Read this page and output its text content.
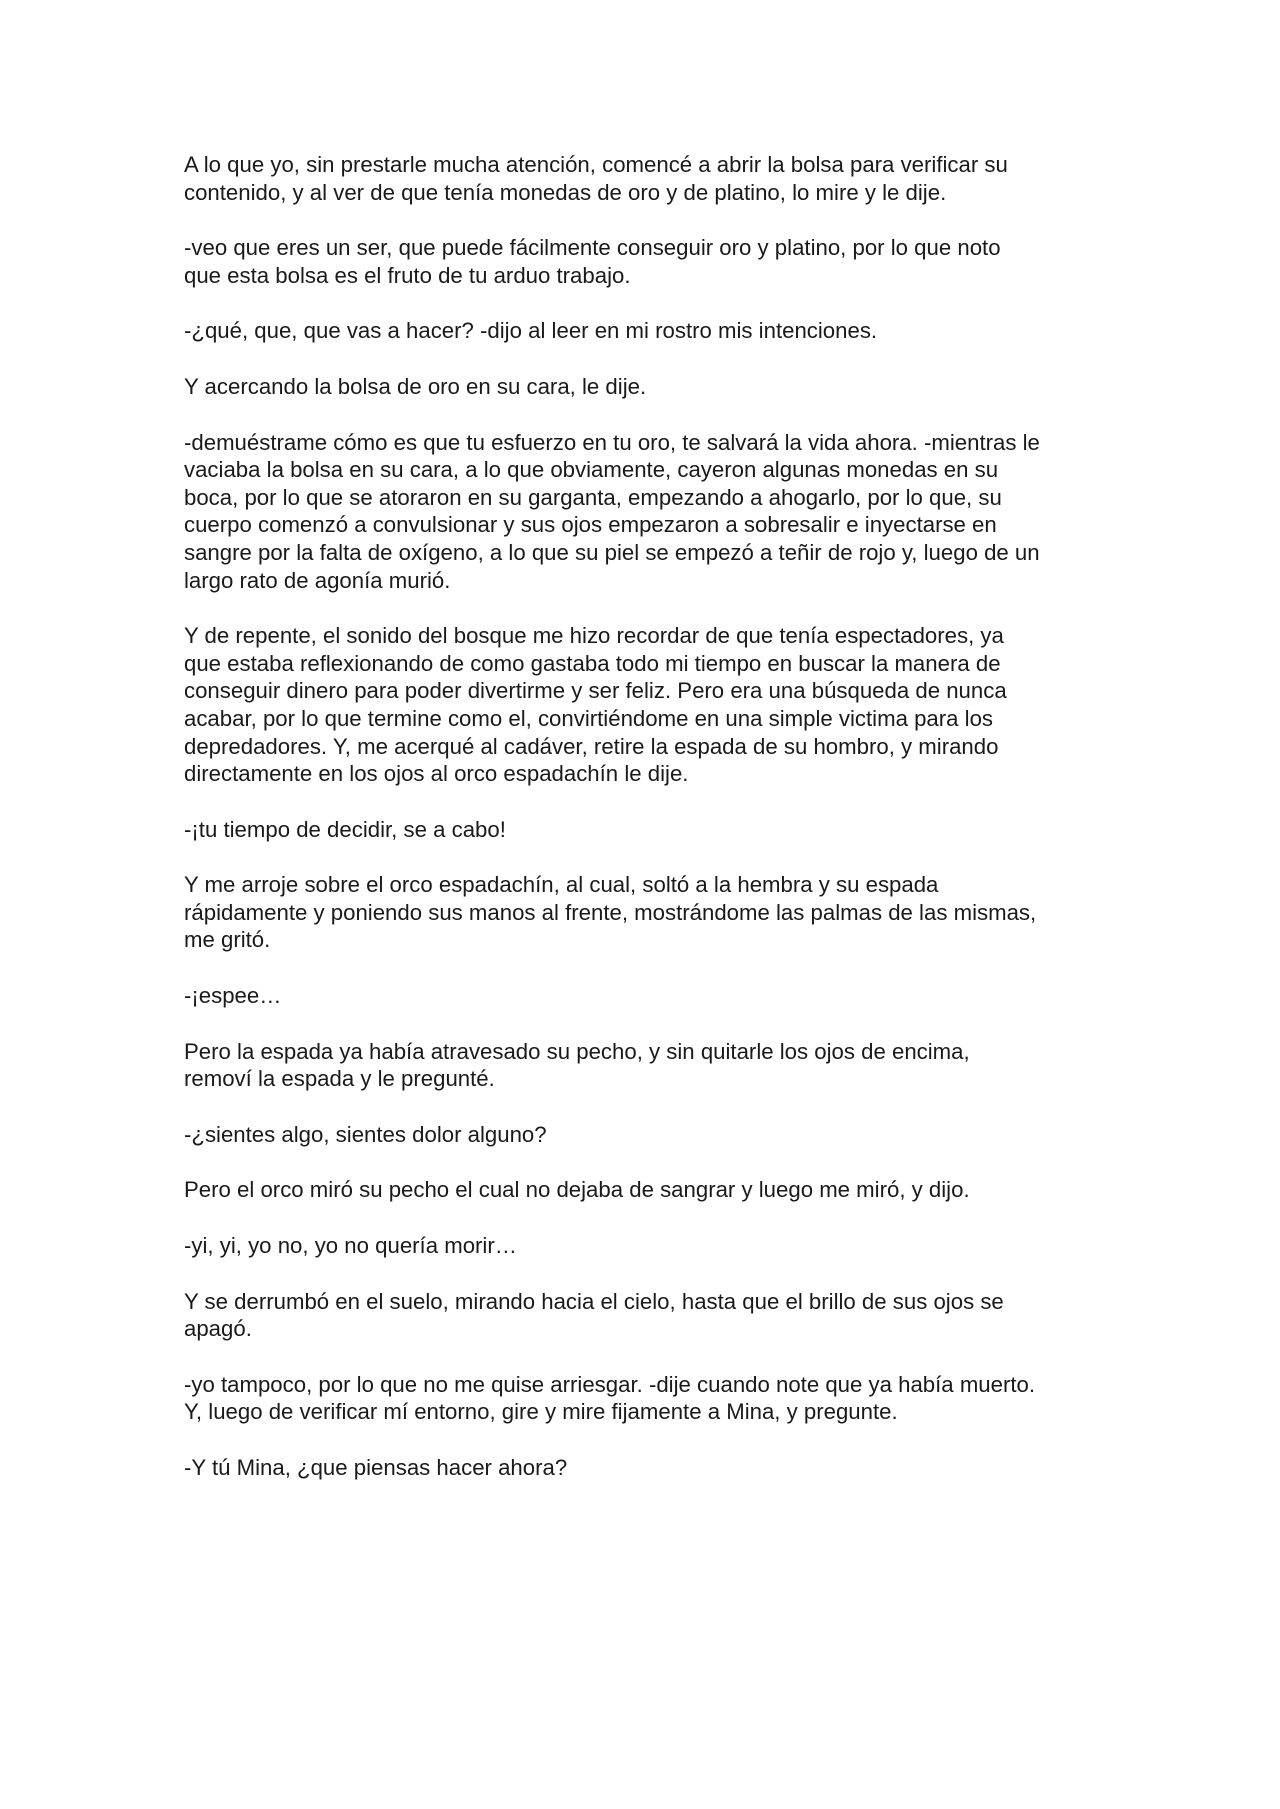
A lo que yo, sin prestarle mucha atención, comencé a abrir la bolsa para verificar su
contenido, y al ver de que tenía monedas de oro y de platino, lo mire y le dije.

-veo que eres un ser, que puede fácilmente conseguir oro y platino, por lo que noto
que esta bolsa es el fruto de tu arduo trabajo.

-¿qué, que, que vas a hacer? -dijo al leer en mi rostro mis intenciones.

Y acercando la bolsa de oro en su cara, le dije.

-demuéstrame cómo es que tu esfuerzo en tu oro, te salvará la vida ahora. -mientras le
vaciaba la bolsa en su cara, a lo que obviamente, cayeron algunas monedas en su
boca, por lo que se atoraron en su garganta, empezando a ahogarlo, por lo que, su
cuerpo comenzó a convulsionar y sus ojos empezaron a sobresalir e inyectarse en
sangre por la falta de oxígeno, a lo que su piel se empezó a teñir de rojo y, luego de un
largo rato de agonía murió.

Y de repente, el sonido del bosque me hizo recordar de que tenía espectadores, ya
que estaba reflexionando de como gastaba todo mi tiempo en buscar la manera de
conseguir dinero para poder divertirme y ser feliz. Pero era una búsqueda de nunca
acabar, por lo que termine como el, convirtiéndome en una simple victima para los
depredadores. Y, me acerqué al cadáver, retire la espada de su hombro, y mirando
directamente en los ojos al orco espadachín le dije.

-¡tu tiempo de decidir, se a cabo!

Y me arroje sobre el orco espadachín, al cual, soltó a la hembra y su espada
rápidamente y poniendo sus manos al frente, mostrándome las palmas de las mismas,
me gritó.

-¡espee…

Pero la espada ya había atravesado su pecho, y sin quitarle los ojos de encima,
removí la espada y le pregunté.

-¿sientes algo, sientes dolor alguno?

Pero el orco miró su pecho el cual no dejaba de sangrar y luego me miró, y dijo.

-yi, yi, yo no, yo no quería morir…

Y se derrumbó en el suelo, mirando hacia el cielo, hasta que el brillo de sus ojos se
apagó.

-yo tampoco, por lo que no me quise arriesgar. -dije cuando note que ya había muerto.
Y, luego de verificar mí entorno, gire y mire fijamente a Mina, y pregunte.

-Y tú Mina, ¿que piensas hacer ahora?
